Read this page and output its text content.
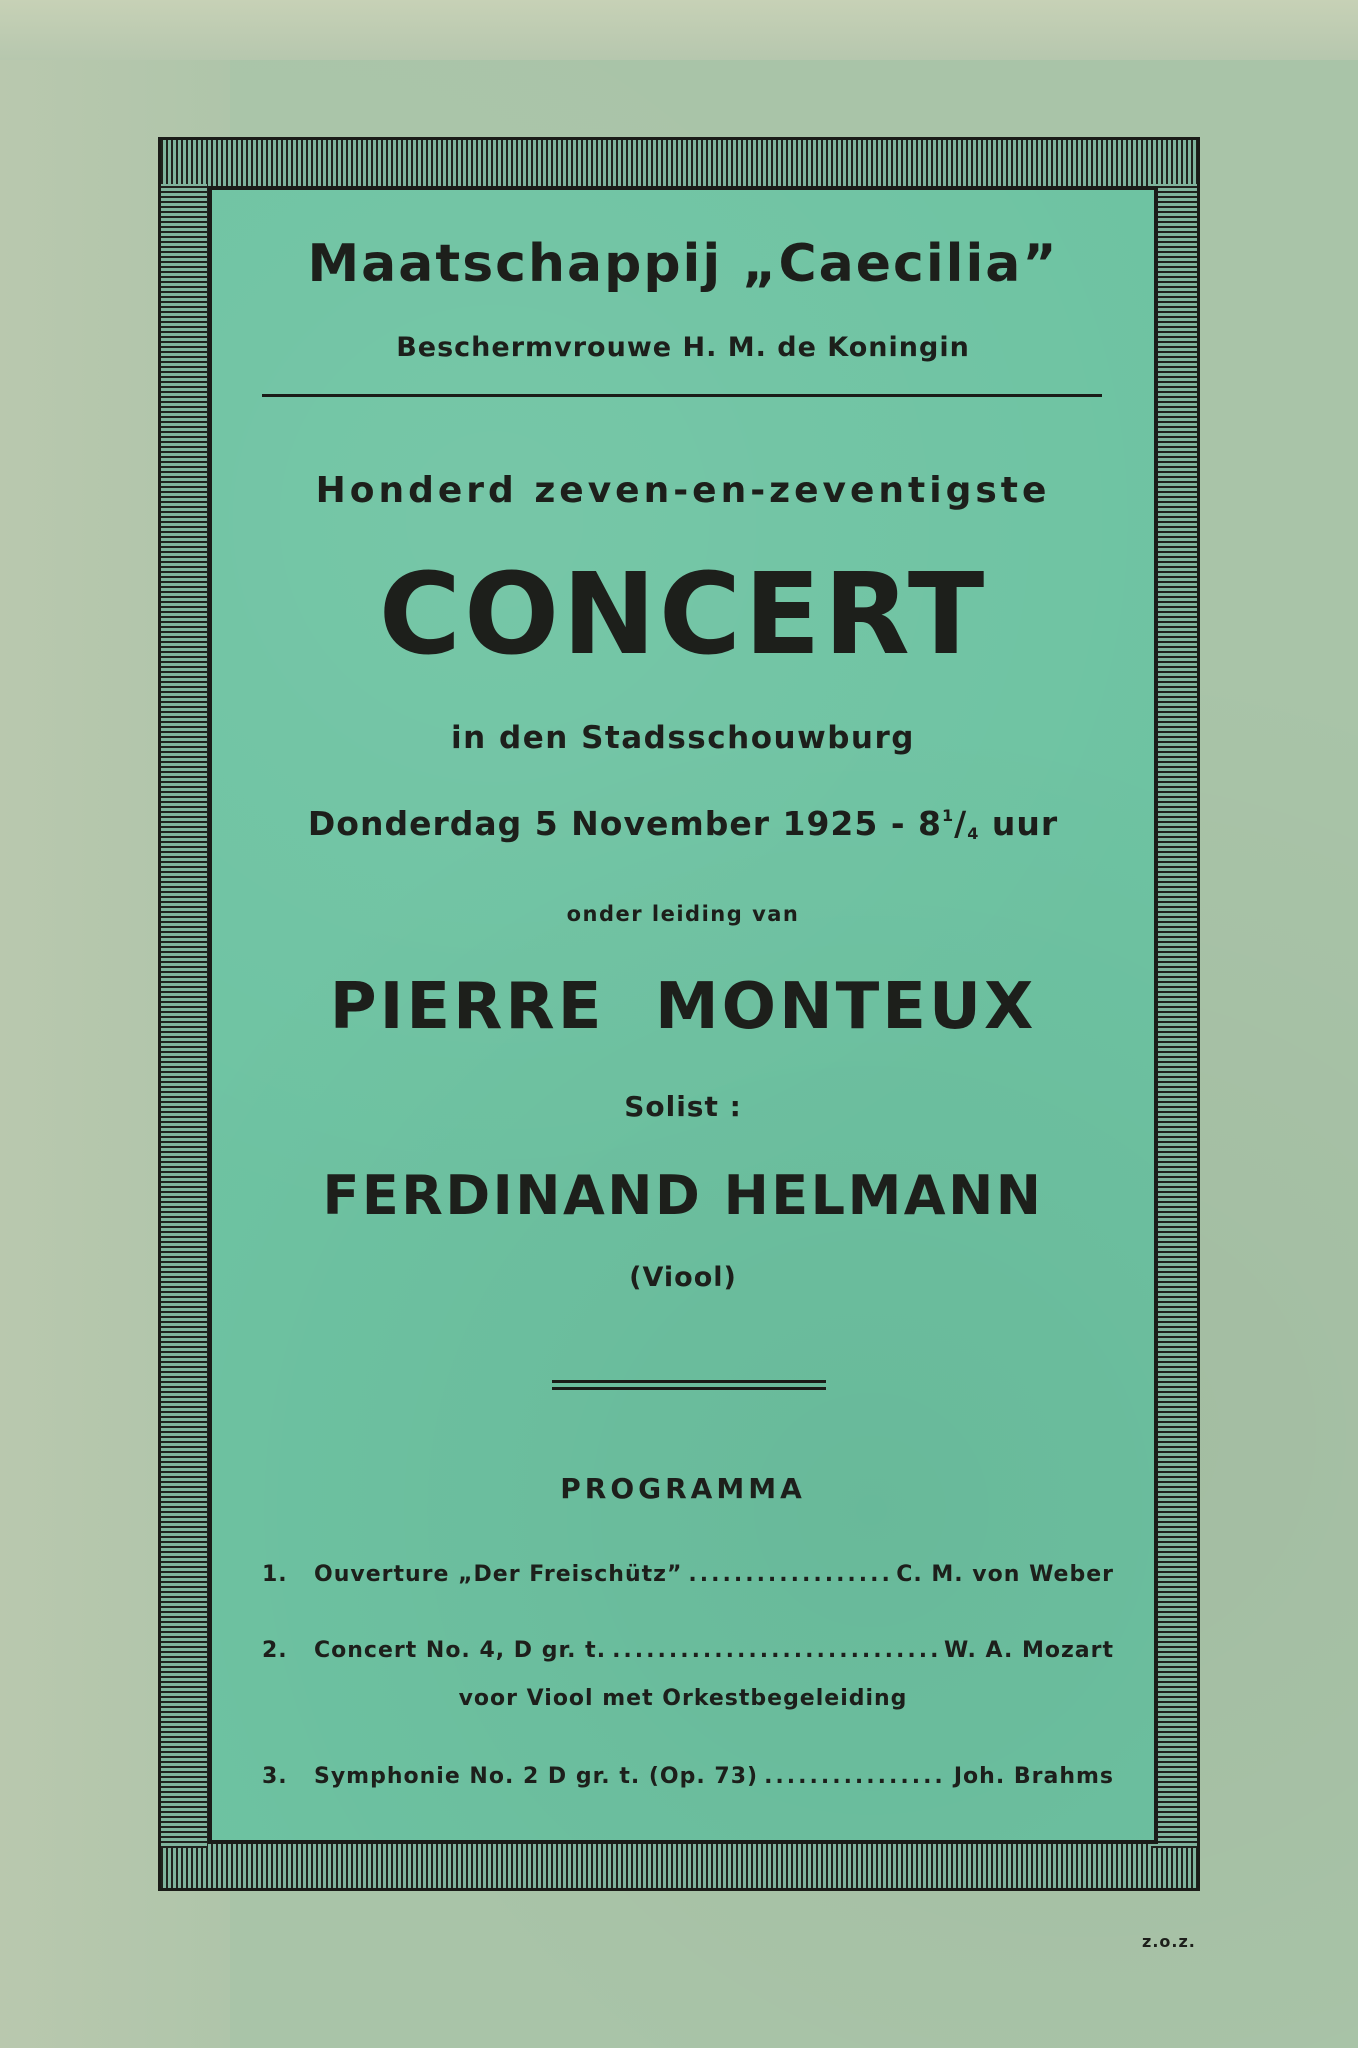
Maatschappij „Caecilia”
Beschermvrouwe H. M. de Koningin
Honderd zeven-en-zeventigste
CONCERT
in den Stadsschouwburg
Donderdag 5 November $1925 - 8^1/4$ uur
onder leiding van
PIERRE  MONTEUX
Solist :
FERDINAND HELMANN
(Viool)
PROGRAMMA
1.	Ouverture „Der Freischütz” .....	C. M. von Weber
2.	Concert No. 4, D gr. t. .....	W. A. Mozart
voor Viool met Orkestbegeleiding
3.	Symphonie No. 2 D gr. t. (Op. 73) .....	Joh. Brahms
z.o.z.
